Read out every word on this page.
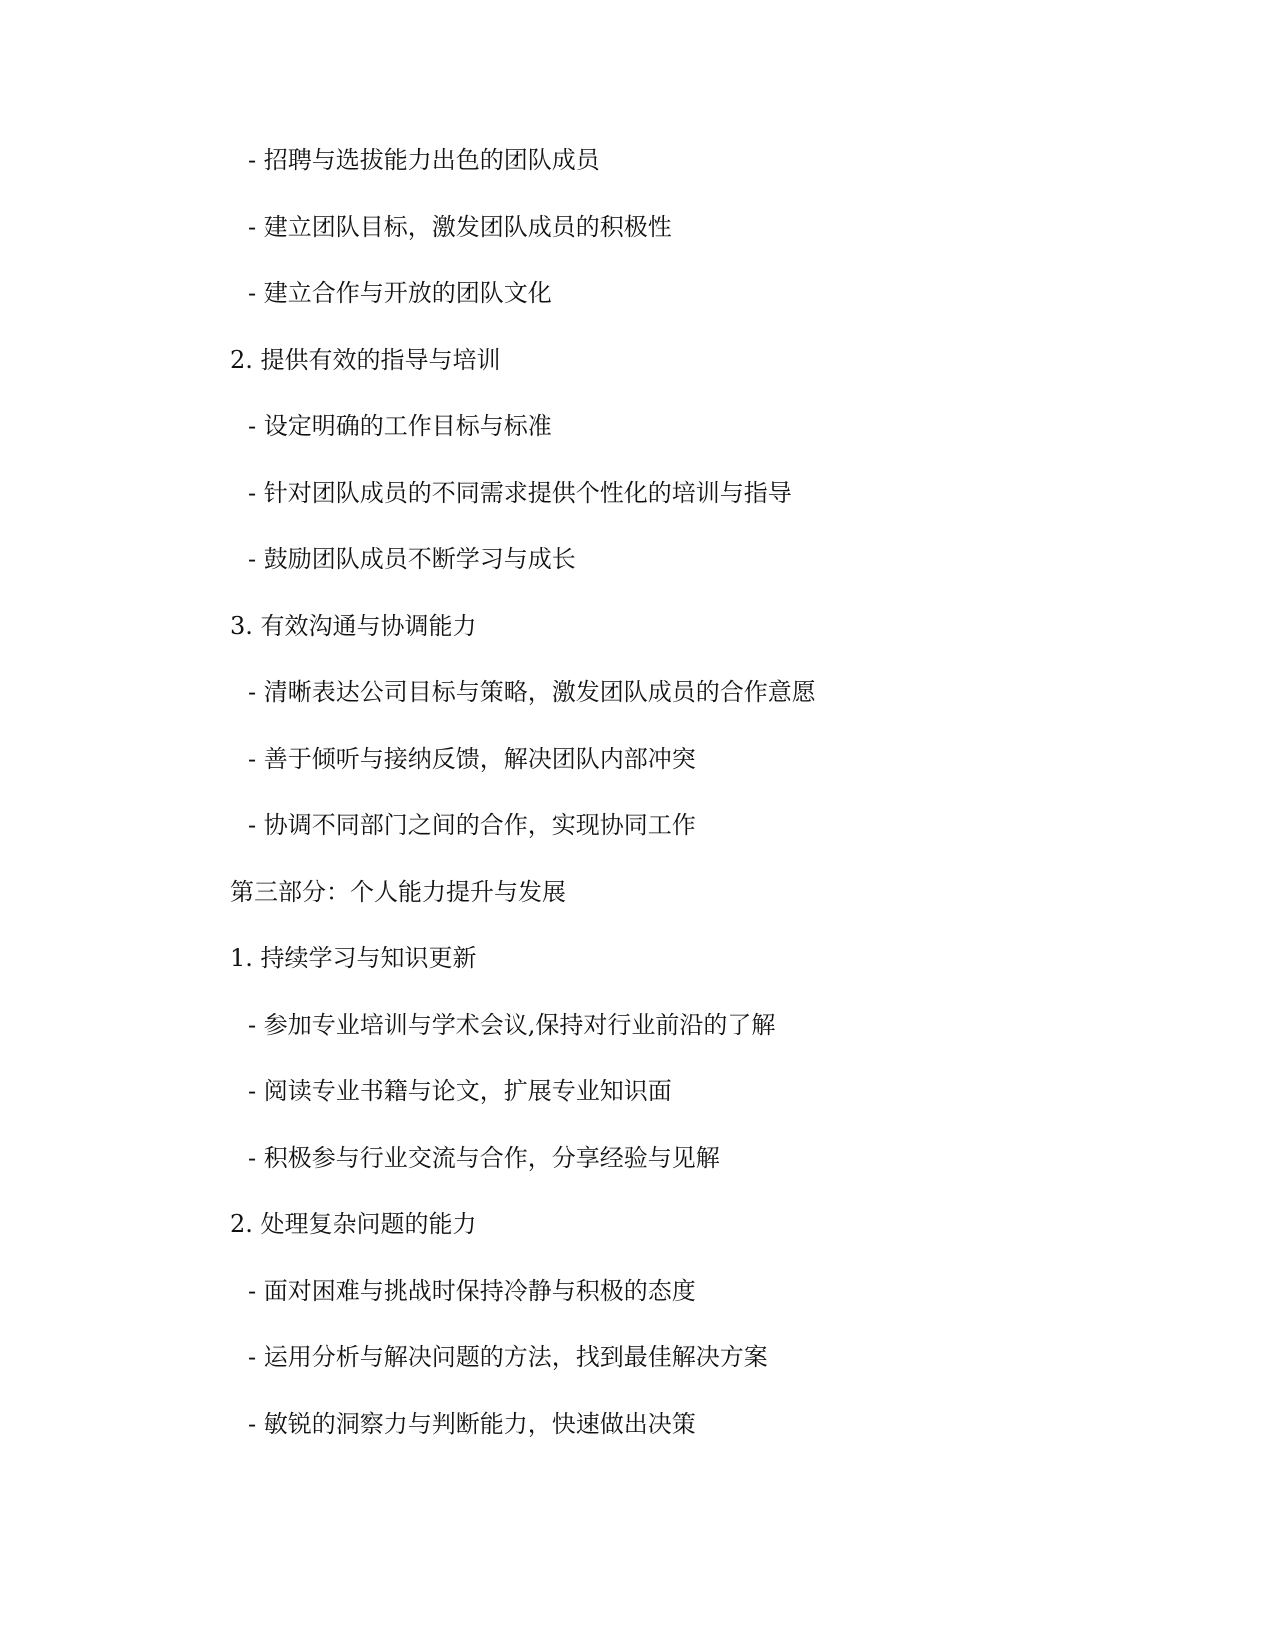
- 招聘与选拔能力出色的团队成员
- 建立团队目标，激发团队成员的积极性
- 建立合作与开放的团队文化
2. 提供有效的指导与培训
- 设定明确的工作目标与标准
- 针对团队成员的不同需求提供个性化的培训与指导
- 鼓励团队成员不断学习与成长
3. 有效沟通与协调能力
- 清晰表达公司目标与策略，激发团队成员的合作意愿
- 善于倾听与接纳反馈，解决团队内部冲突
- 协调不同部门之间的合作，实现协同工作
第三部分：个人能力提升与发展
1. 持续学习与知识更新
- 参加专业培训与学术会议,保持对行业前沿的了解
- 阅读专业书籍与论文，扩展专业知识面
- 积极参与行业交流与合作，分享经验与见解
2. 处理复杂问题的能力
- 面对困难与挑战时保持冷静与积极的态度
- 运用分析与解决问题的方法，找到最佳解决方案
- 敏锐的洞察力与判断能力，快速做出决策
